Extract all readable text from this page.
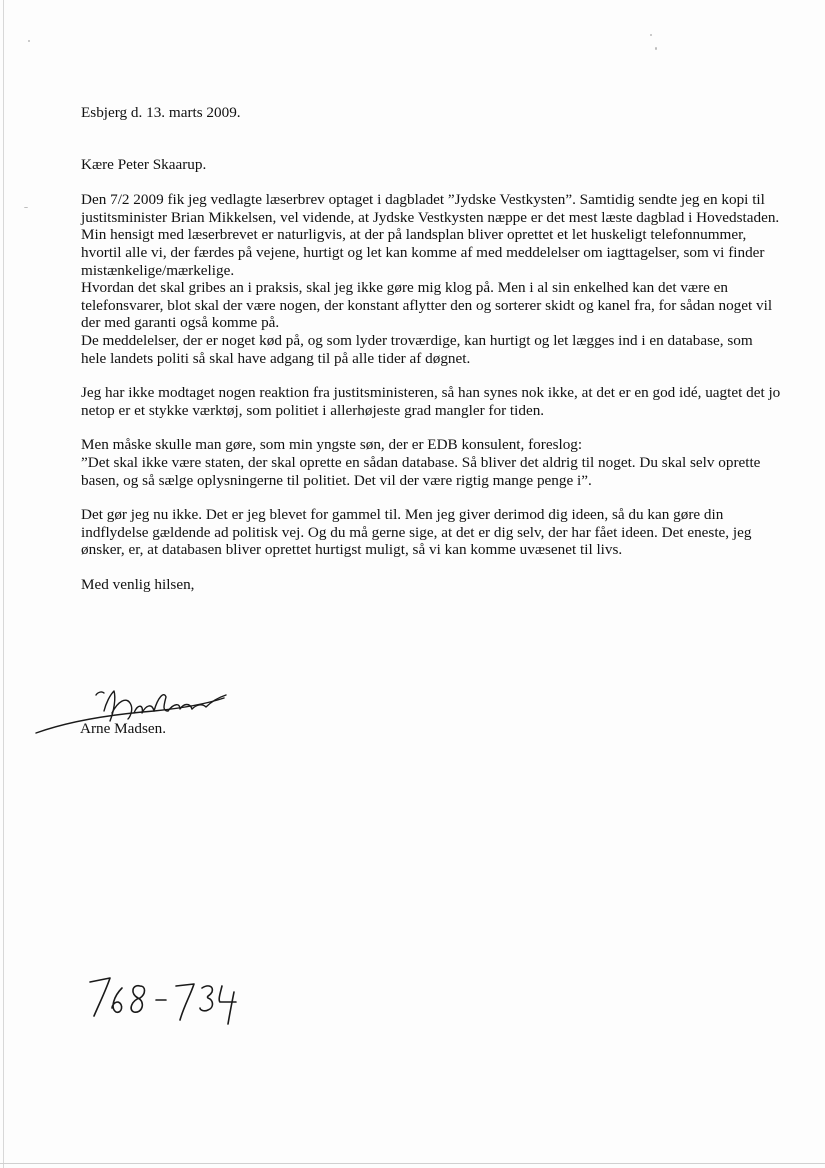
Esbjerg d. 13. marts 2009.

Kære Peter Skaarup.

Den 7/2 2009 fik jeg vedlagte læserbrev optaget i dagbladet ”Jydske Vestkysten”. Samtidig sendte jeg en kopi til justitsminister Brian Mikkelsen, vel vidende, at Jydske Vestkysten næppe er det mest læste dagblad i Hovedstaden.

Min hensigt med læserbrevet er naturligvis, at der på landsplan bliver oprettet et let huskeligt telefonnummer, hvortil alle vi, der færdes på vejene, hurtigt og let kan komme af med meddelelser om iagttagelser, som vi finder mistænkelige/mærkelige.

Hvordan det skal gribes an i praksis, skal jeg ikke gøre mig klog på. Men i al sin enkelhed kan det være en telefonsvarer, blot skal der være nogen, der konstant aflytter den og sorterer skidt og kanel fra, for sådan noget vil der med garanti også komme på.

De meddelelser, der er noget kød på, og som lyder troværdige, kan hurtigt og let lægges ind i en database, som hele landets politi så skal have adgang til på alle tider af døgnet.

Jeg har ikke modtaget nogen reaktion fra justitsministeren, så han synes nok ikke, at det er en god idé, uagtet det jo netop er et stykke værktøj, som politiet i allerhøjeste grad mangler for tiden.

Men måske skulle man gøre, som min yngste søn, der er EDB konsulent, foreslog:

”Det skal ikke være staten, der skal oprette en sådan database. Så bliver det aldrig til noget. Du skal selv oprette basen, og så sælge oplysningerne til politiet. Det vil der være rigtig mange penge i”.

Det gør jeg nu ikke. Det er jeg blevet for gammel til. Men jeg giver derimod dig ideen, så du kan gøre din indflydelse gældende ad politisk vej. Og du må gerne sige, at det er dig selv, der har fået ideen. Det eneste, jeg ønsker, er, at databasen bliver oprettet hurtigst muligt, så vi kan komme uvæsenet til livs.

Med venlig hilsen,

Arne Madsen.
